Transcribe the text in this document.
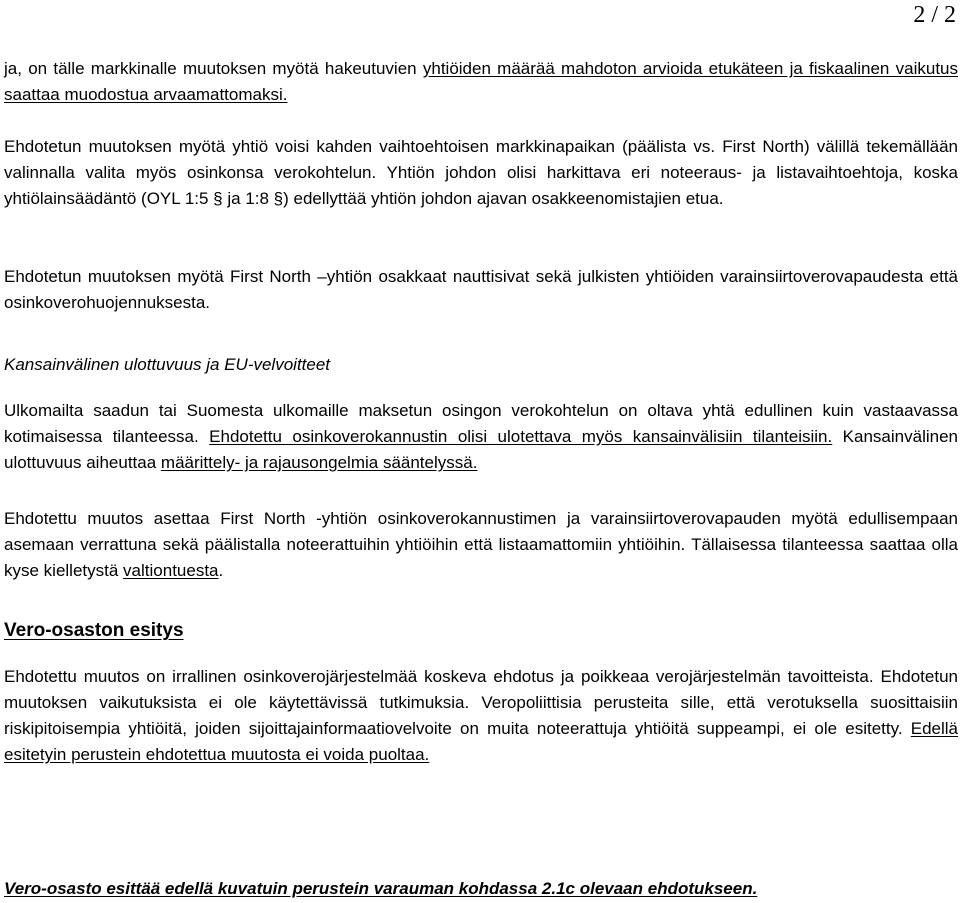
2 / 2

ja, on tälle markkinalle muutoksen myötä hakeutuvien yhtiöiden määrää mahdoton arvioida etukäteen ja fiskaalinen vaikutus saattaa muodostua arvaamattomaksi.

Ehdotetun muutoksen myötä yhtiö voisi kahden vaihtoehtoisen markkinapaikan (päälista vs. First North) välillä tekemällään valinnalla valita myös osinkonsa verokohtelun. Yhtiön johdon olisi harkittava eri noteeraus- ja listavaihtoehtoja, koska yhtiölainsäädäntö (OYL 1:5 § ja 1:8 §) edellyttää yhtiön johdon ajavan osakkeenomistajien etua.

Ehdotetun muutoksen myötä First North –yhtiön osakkaat nauttisivat sekä julkisten yhtiöiden varainsiirtoverovapaudesta että osinkoverohuojennuksesta.

Kansainvälinen ulottuvuus ja EU-velvoitteet

Ulkomailta saadun tai Suomesta ulkomaille maksetun osingon verokohtelun on oltava yhtä edullinen kuin vastaavassa kotimaisessa tilanteessa. Ehdotettu osinkoverokannustin olisi ulotettava myös kansainvälisiin tilanteisiin. Kansainvälinen ulottuvuus aiheuttaa määrittely- ja rajausongelmia sääntelyssä.

Ehdotettu muutos asettaa First North -yhtiön osinkoverokannustimen ja varainsiirtoverovapauden myötä edullisempaan asemaan verrattuna sekä päälistalla noteerattuihin yhtiöihin että listaamattomiin yhtiöihin. Tällaisessa tilanteessa saattaa olla kyse kielletystä valtiontuesta.

Vero-osaston esitys

Ehdotettu muutos on irrallinen osinkoverojärjestelmää koskeva ehdotus ja poikkeaa verojärjestelmän tavoitteista. Ehdotetun muutoksen vaikutuksista ei ole käytettävissä tutkimuksia. Veropoliittisia perusteita sille, että verotuksella suosittaisiin riskipitoisempia yhtiöitä, joiden sijoittajainformaatiovelvoite on muita noteerattuja yhtiöitä suppeampi, ei ole esitetty. Edellä esitetyin perustein ehdotettua muutosta ei voida puoltaa.

Vero-osasto esittää edellä kuvatuin perustein varauman kohdassa 2.1c olevaan ehdotukseen.
